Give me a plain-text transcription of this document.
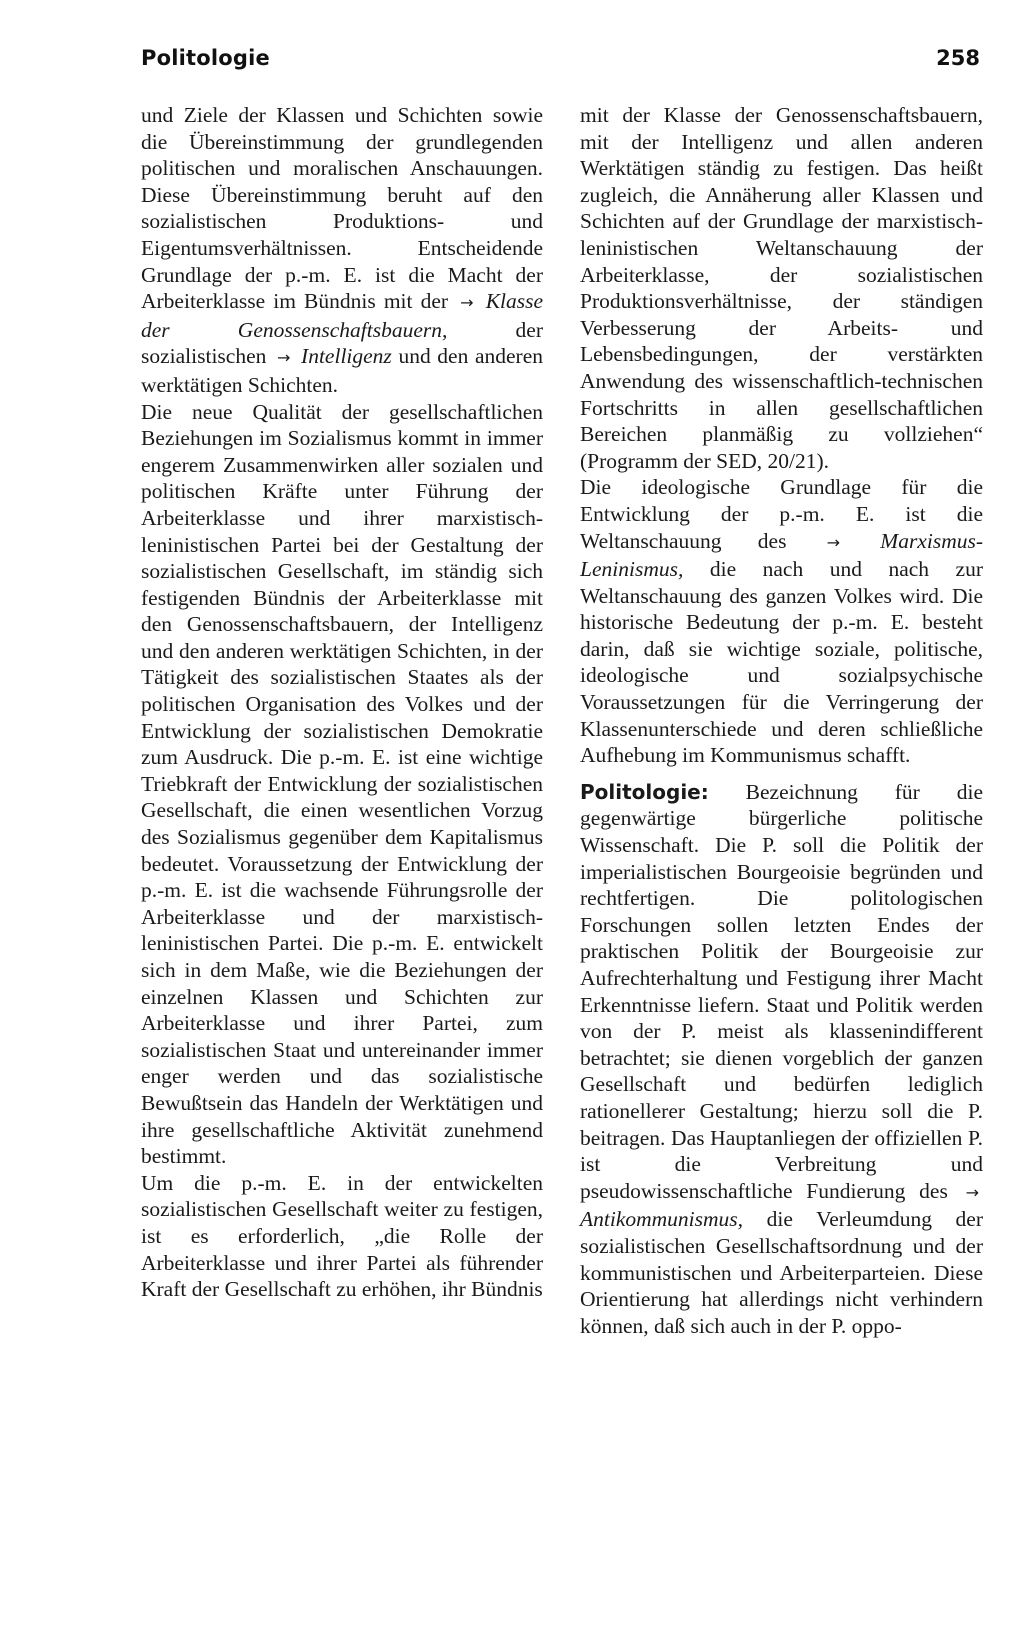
Politologie	258

und Ziele der Klassen und Schichten sowie die Übereinstimmung der grundlegenden politischen und moralischen Anschauungen. Diese Übereinstimmung beruht auf den sozialistischen Produktions- und Eigentumsverhältnissen. Entscheidende Grundlage der p.-m. E. ist die Macht der Arbeiterklasse im Bündnis mit der → Klasse der Genossenschaftsbauern,	der sozialistischen → Intelligenz und den anderen werktätigen Schichten.

Die neue Qualität der gesellschaftlichen Beziehungen im Sozialismus kommt in immer engerem Zusammenwirken aller sozialen und politischen Kräfte unter Führung der Arbeiterklasse und ihrer marxistisch-leninistischen Partei bei der Gestaltung der sozialistischen Gesellschaft, im ständig sich festigenden Bündnis der Arbeiterklasse mit den Genossenschaftsbauern, der Intelligenz und den anderen werktätigen Schichten, in der Tätigkeit des sozialistischen Staates als der politischen Organisation des Volkes und der Entwicklung der sozialistischen Demokratie zum Ausdruck. Die p.-m. E. ist eine wichtige Triebkraft der Entwicklung der sozialistischen Gesellschaft, die einen wesentlichen Vorzug des Sozialismus gegenüber dem Kapitalismus bedeutet. Voraussetzung der Entwicklung der p.-m. E. ist die wachsende Führungsrolle der Arbeiterklasse und der marxistisch-leninistischen Partei. Die p.-m. E. entwickelt sich in dem Maße, wie die Beziehungen der einzelnen Klassen und Schichten zur Arbeiterklasse und ihrer Partei, zum sozialistischen Staat und untereinander immer enger werden und das sozialistische Bewußtsein das Handeln der Werktätigen und ihre gesellschaftliche Aktivität zunehmend bestimmt.

Um die p.-m. E. in der entwickelten sozialistischen Gesellschaft weiter zu festigen, ist es erforderlich, „die Rolle der Arbeiterklasse und ihrer Partei als führender Kraft der Gesellschaft zu erhöhen, ihr Bündnis

mit der Klasse der Genossenschaftsbauern, mit der Intelligenz und allen anderen Werktätigen ständig zu festigen. Das heißt zugleich, die Annäherung aller Klassen und Schichten auf der Grundlage der marxistisch-leninistischen Weltanschauung der Arbeiterklasse, der sozialistischen Produktionsverhältnisse, der ständigen Verbesserung der Arbeits- und Lebensbedingungen, der verstärkten Anwendung des wissenschaftlich-technischen Fortschritts in allen gesellschaftlichen Bereichen planmäßig zu vollziehen“ (Programm der SED, 20/21).

Die ideologische Grundlage für die Entwicklung der p.-m. E. ist die Weltanschauung des	→ Marxismus-Leninismus, die nach und nach zur Weltanschauung des ganzen Volkes wird. Die historische Bedeutung der p.-m. E. besteht darin, daß sie wichtige soziale, politische, ideologische und sozialpsychische Voraussetzungen für die Verringerung der Klassenunterschiede und deren schließliche Aufhebung im Kommunismus schafft.

Politologie: Bezeichnung für die gegenwärtige bürgerliche politische Wissenschaft. Die P. soll die Politik der imperialistischen Bourgeoisie begründen und rechtfertigen. Die politologischen Forschungen sollen letzten Endes der praktischen Politik der Bourgeoisie zur Aufrechterhaltung und Festigung ihrer Macht Erkenntnisse liefern. Staat und Politik werden von der P. meist als klassenindifferent betrachtet; sie dienen vorgeblich der ganzen Gesellschaft und bedürfen lediglich rationellerer Gestaltung; hierzu soll die P. beitragen. Das Hauptanliegen der offiziellen P. ist die Verbreitung und pseudowissenschaftliche Fundierung des → Antikommunismus, die Verleumdung der sozialistischen Gesellschaftsordnung und der kommunistischen und Arbeiterparteien. Diese Orientierung hat allerdings nicht verhindern können, daß sich auch in der P. oppo-
